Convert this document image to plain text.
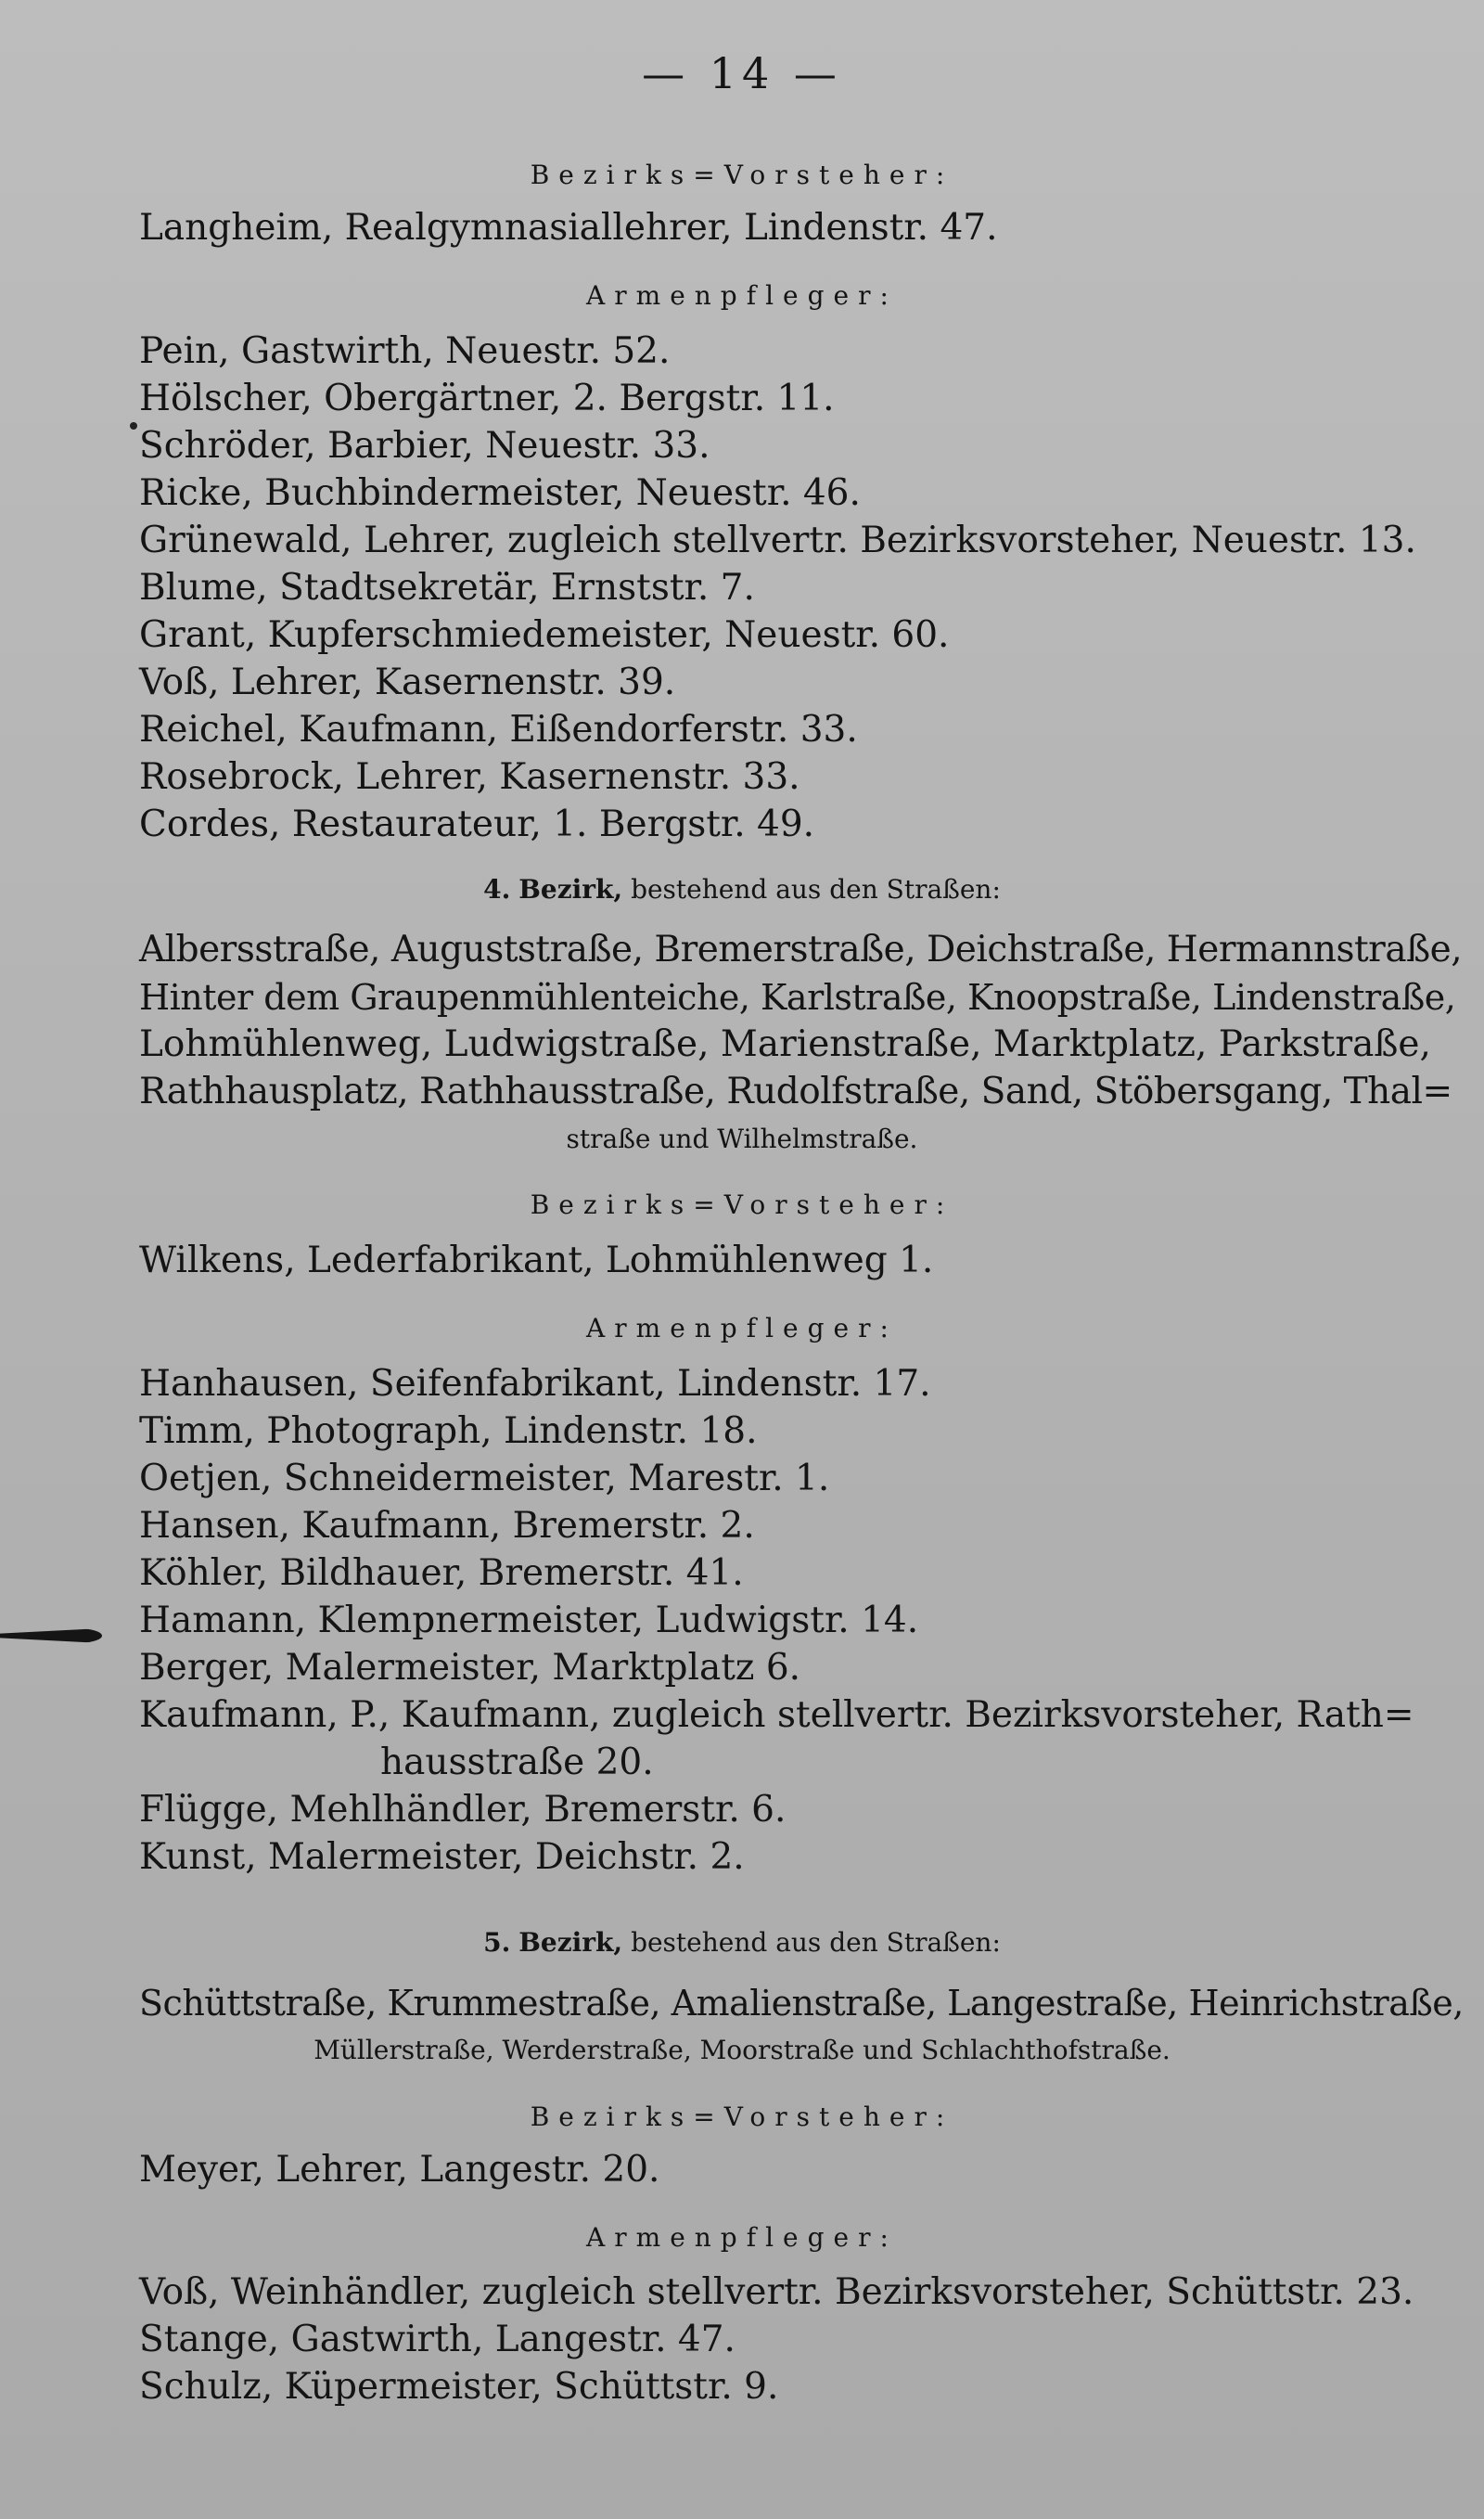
— 14 —
Bezirks=Vorsteher:
Langheim, Realgymnasiallehrer, Lindenstr. 47.
Armenpfleger:
Pein, Gastwirth, Neuestr. 52.
Hölscher, Obergärtner, 2. Bergstr. 11.
Schröder, Barbier, Neuestr. 33.
Ricke, Buchbindermeister, Neuestr. 46.
Grünewald, Lehrer, zugleich stellvertr. Bezirksvorsteher, Neuestr. 13.
Blume, Stadtsekretär, Ernststr. 7.
Grant, Kupferschmiedemeister, Neuestr. 60.
Voß, Lehrer, Kasernenstr. 39.
Reichel, Kaufmann, Eißendorferstr. 33.
Rosebrock, Lehrer, Kasernenstr. 33.
Cordes, Restaurateur, 1. Bergstr. 49.
4. Bezirk, bestehend aus den Straßen:
Albersstraße, Auguststraße, Bremerstraße, Deichstraße, Hermannstraße,
Hinter dem Graupenmühlenteiche, Karlstraße, Knoopstraße, Lindenstraße,
Lohmühlenweg, Ludwigstraße, Marienstraße, Marktplatz, Parkstraße,
Rathhausplatz, Rathhausstraße, Rudolfstraße, Sand, Stöbersgang, Thal=
straße und Wilhelmstraße.
Bezirks=Vorsteher:
Wilkens, Lederfabrikant, Lohmühlenweg 1.
Armenpfleger:
Hanhausen, Seifenfabrikant, Lindenstr. 17.
Timm, Photograph, Lindenstr. 18.
Oetjen, Schneidermeister, Marestr. 1.
Hansen, Kaufmann, Bremerstr. 2.
Köhler, Bildhauer, Bremerstr. 41.
Hamann, Klempnermeister, Ludwigstr. 14.
Berger, Malermeister, Marktplatz 6.
Kaufmann, P., Kaufmann, zugleich stellvertr. Bezirksvorsteher, Rath=
hausstraße 20.
Flügge, Mehlhändler, Bremerstr. 6.
Kunst, Malermeister, Deichstr. 2.
5. Bezirk, bestehend aus den Straßen:
Schüttstraße, Krummestraße, Amalienstraße, Langestraße, Heinrichstraße,
Müllerstraße, Werderstraße, Moorstraße und Schlachthofstraße.
Bezirks=Vorsteher:
Meyer, Lehrer, Langestr. 20.
Armenpfleger:
Voß, Weinhändler, zugleich stellvertr. Bezirksvorsteher, Schüttstr. 23.
Stange, Gastwirth, Langestr. 47.
Schulz, Küpermeister, Schüttstr. 9.
